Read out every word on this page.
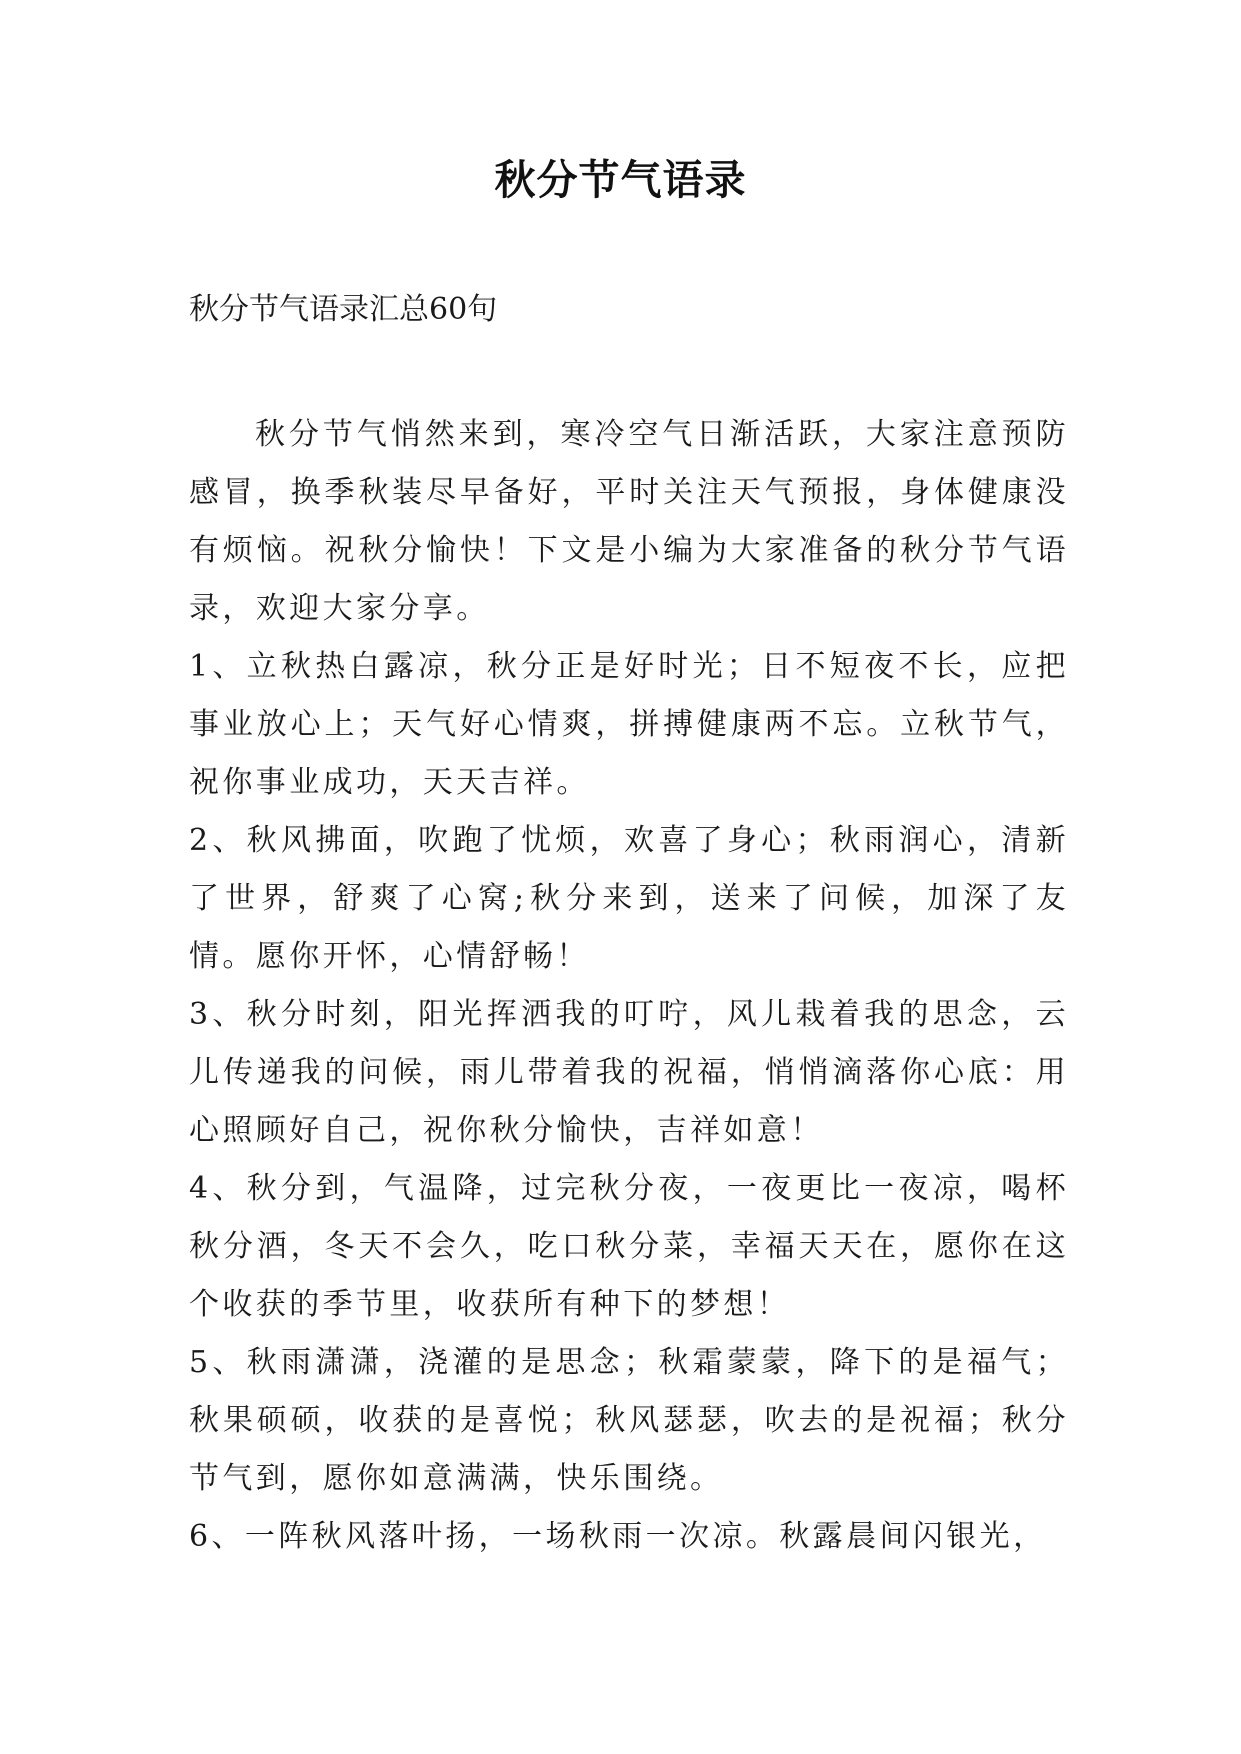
秋分节气语录
秋分节气语录汇总60句

秋分节气悄然来到，寒冷空气日渐活跃，大家注意预防感冒，换季秋装尽早备好，平时关注天气预报，身体健康没有烦恼。祝秋分愉快！下文是小编为大家准备的秋分节气语录，欢迎大家分享。

1、立秋热白露凉，秋分正是好时光；日不短夜不长，应把事业放心上；天气好心情爽，拼搏健康两不忘。立秋节气，祝你事业成功，天天吉祥。

2、秋风拂面，吹跑了忧烦，欢喜了身心；秋雨润心，清新了世界，舒爽了心窝;秋分来到，送来了问候，加深了友情。愿你开怀，心情舒畅！

3、秋分时刻，阳光挥洒我的叮咛，风儿栽着我的思念，云儿传递我的问候，雨儿带着我的祝福，悄悄滴落你心底：用心照顾好自己，祝你秋分愉快，吉祥如意！

4、秋分到，气温降，过完秋分夜，一夜更比一夜凉，喝杯秋分酒，冬天不会久，吃口秋分菜，幸福天天在，愿你在这个收获的季节里，收获所有种下的梦想！

5、秋雨潇潇，浇灌的是思念；秋霜蒙蒙，降下的是福气；秋果硕硕，收获的是喜悦；秋风瑟瑟，吹去的是祝福；秋分节气到，愿你如意满满，快乐围绕。

6、一阵秋风落叶扬，一场秋雨一次凉。秋露晨间闪银光，
